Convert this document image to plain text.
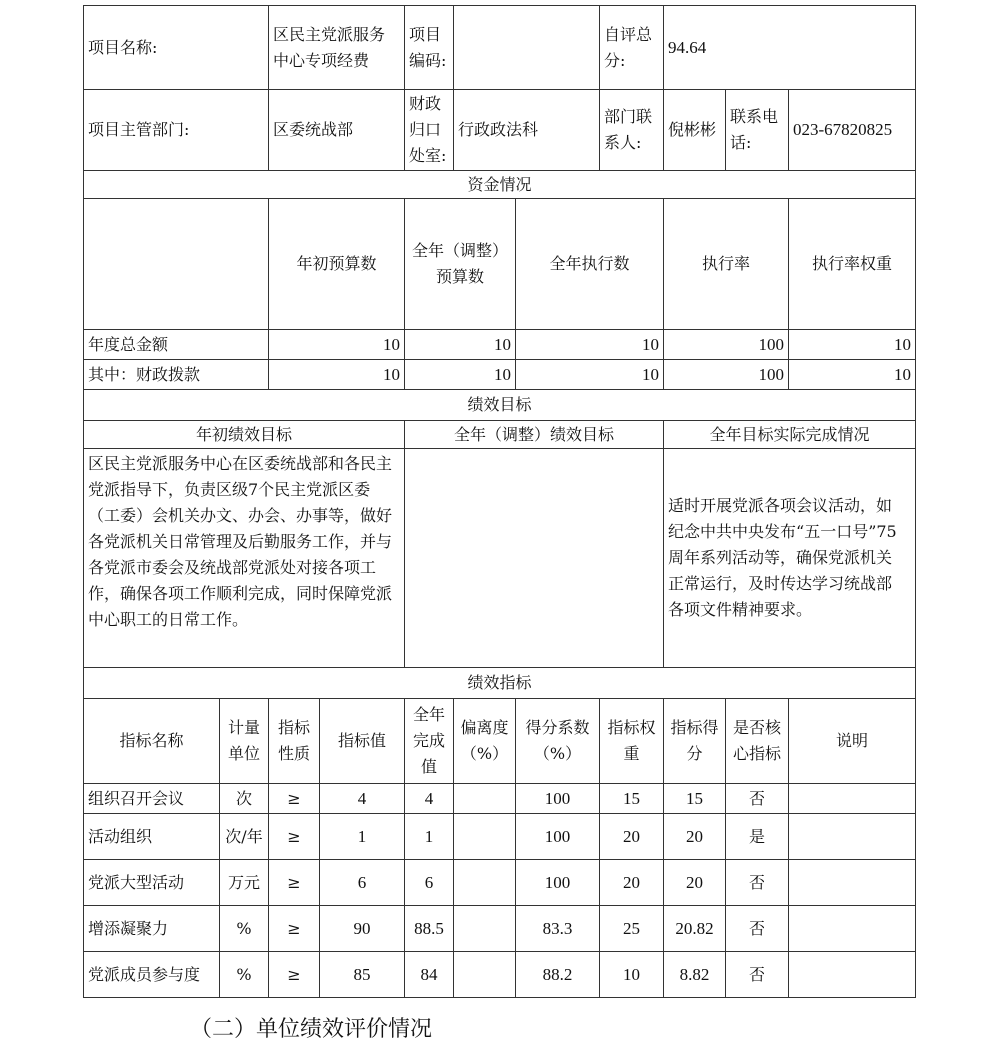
项目名称:		区民主党派服务中心专项经费		项目编码:			自评总分:	94.64			
项目主管部门:		区委统战部		财政归口处室:	行政政法科		部门联系人:	倪彬彬	联系电话:	023-67820825	
资金情况											
		年初预算数		全年（调整）预算数		全年执行数		执行率		执行率权重	
年度总金额		10		10		10		100		10	
其中：财政拨款		10		10		10		100		10	
绩效目标											
年初绩效目标				全年（调整）绩效目标				全年目标实际完成情况			
区民主党派服务中心在区委统战部和各民主党派指导下，负责区级7个民主党派区委（工委）会机关办文、办会、办事等，做好各党派机关日常管理及后勤服务工作，并与各党派市委会及统战部党派处对接各项工作，确保各项工作顺利完成，同时保障党派中心职工的日常工作。								适时开展党派各项会议活动，如纪念中共中央发布“五一口号”75周年系列活动等，确保党派机关正常运行，及时传达学习统战部各项文件精神要求。			
绩效指标											
指标名称	计量单位	指标性质	指标值	全年完成值	偏离度（%）	得分系数（%）	指标权重	指标得分	是否核心指标	说明	
组织召开会议	次	≥	4	4		100	15	15	否		
活动组织	次/年	≥	1	1		100	20	20	是		
党派大型活动	万元	≥	6	6		100	20	20	否		
增添凝聚力	%	≥	90	88.5		83.3	25	20.82	否		
党派成员参与度	%	≥	85	84		88.2	10	8.82	否		
（二）单位绩效评价情况
